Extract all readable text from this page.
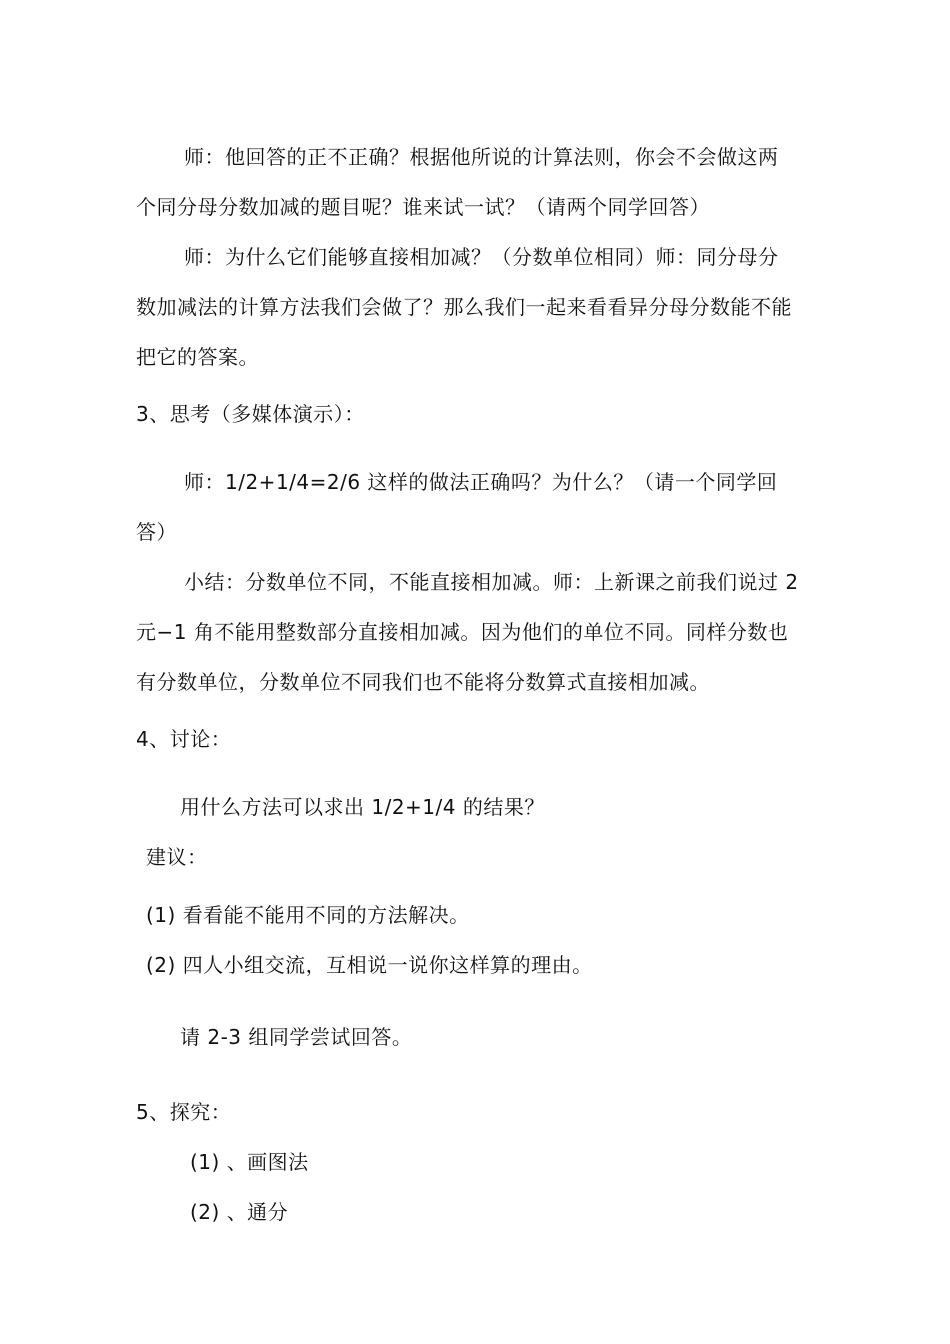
师：他回答的正不正确？根据他所说的计算法则，你会不会做这两

个同分母分数加减的题目呢？谁来试一试？（请两个同学回答）

师：为什么它们能够直接相加减？（分数单位相同）师：同分母分

数加减法的计算方法我们会做了？那么我们一起来看看异分母分数能不能

把它的答案。

3、思考（多媒体演示）：

师：1/2+1/4=2/6 这样的做法正确吗？为什么？（请一个同学回

答）

小结：分数单位不同，不能直接相加减。师：上新课之前我们说过 2

元−1 角不能用整数部分直接相加减。因为他们的单位不同。同样分数也

有分数单位，分数单位不同我们也不能将分数算式直接相加减。

4、讨论：

用什么方法可以求出 1/2+1/4 的结果？

建议：

(1) 看看能不能用不同的方法解决。

(2) 四人小组交流，互相说一说你这样算的理由。

请 2-3 组同学尝试回答。

5、探究：

(1) 、画图法

(2) 、通分
